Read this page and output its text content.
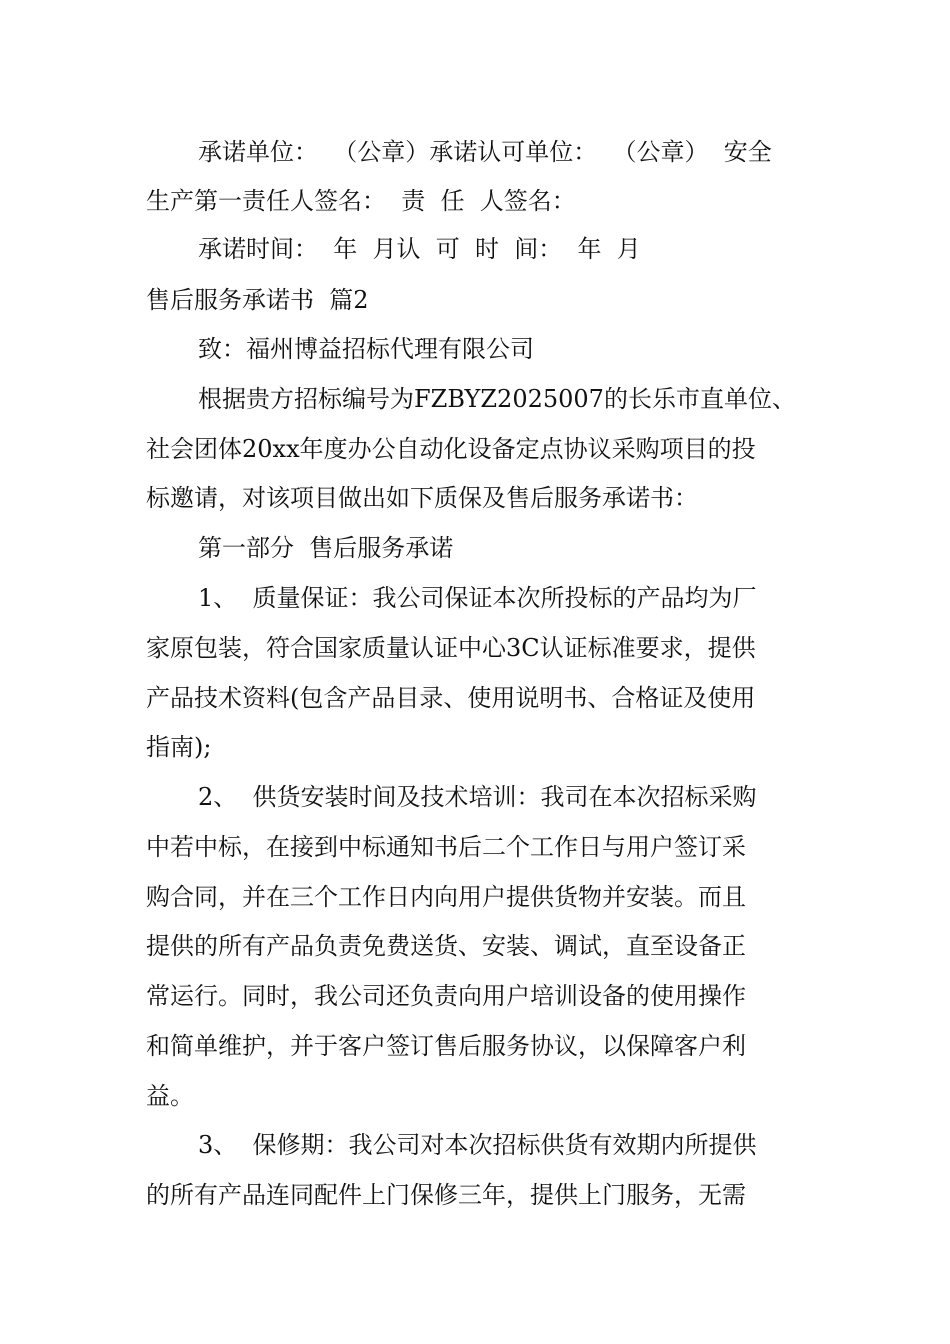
承诺单位：  （公章）承诺认可单位：  （公章）  安全
生产第一责任人签名：  责  任  人签名：
承诺时间：  年  月认  可  时  间：  年  月
售后服务承诺书  篇2
致：福州博益招标代理有限公司
根据贵方招标编号为FZBYZ2025007的长乐市直单位、
社会团体20xx年度办公自动化设备定点协议采购项目的投
标邀请，对该项目做出如下质保及售后服务承诺书：
第一部分  售后服务承诺
1、  质量保证：我公司保证本次所投标的产品均为厂
家原包装，符合国家质量认证中心3C认证标准要求，提供
产品技术资料(包含产品目录、使用说明书、合格证及使用
指南);
2、  供货安装时间及技术培训：我司在本次招标采购
中若中标，在接到中标通知书后二个工作日与用户签订采
购合同，并在三个工作日内向用户提供货物并安装。而且
提供的所有产品负责免费送货、安装、调试，直至设备正
常运行。同时，我公司还负责向用户培训设备的使用操作
和简单维护，并于客户签订售后服务协议，以保障客户利
益。
3、  保修期：我公司对本次招标供货有效期内所提供
的所有产品连同配件上门保修三年，提供上门服务，无需
